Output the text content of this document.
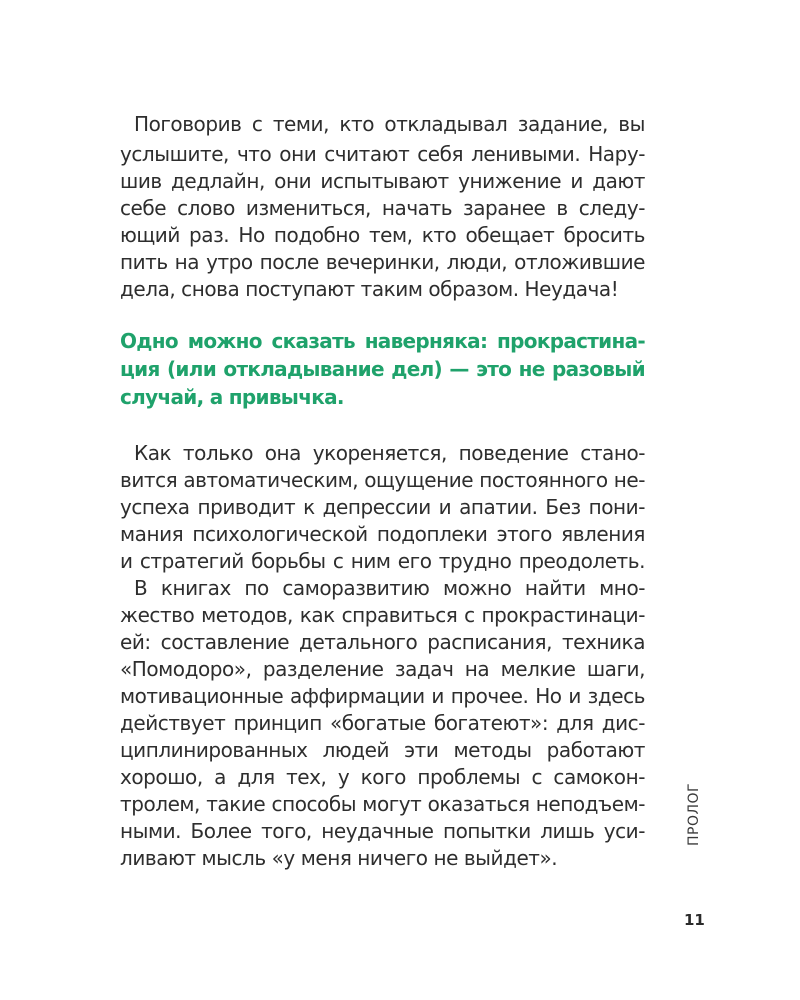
Поговорив с теми, кто откладывал задание, вы
услышите, что они считают себя ленивыми. Нару-
шив дедлайн, они испытывают унижение и дают
себе слово измениться, начать заранее в следу-
ющий раз. Но подобно тем, кто обещает бросить
пить на утро после вечеринки, люди, отложившие
дела, снова поступают таким образом. Неудача!
Одно можно сказать наверняка: прокрастина-
ция (или откладывание дел) — это не разовый
случай, а привычка.
Как только она укореняется, поведение стано-
вится автоматическим, ощущение постоянного не-
успеха приводит к депрессии и апатии. Без пони-
мания психологической подоплеки этого явления
и стратегий борьбы с ним его трудно преодолеть.
В книгах по саморазвитию можно найти мно-
жество методов, как справиться с прокрастинаци-
ей: составление детального расписания, техника
«Помодоро», разделение задач на мелкие шаги,
мотивационные аффирмации и прочее. Но и здесь
действует принцип «богатые богатеют»: для дис-
циплинированных людей эти методы работают
хорошо, а для тех, у кого проблемы с самокон-
тролем, такие способы могут оказаться неподъем-
ными. Более того, неудачные попытки лишь уси-
ливают мысль «у меня ничего не выйдет».
ПРОЛОГ
11
